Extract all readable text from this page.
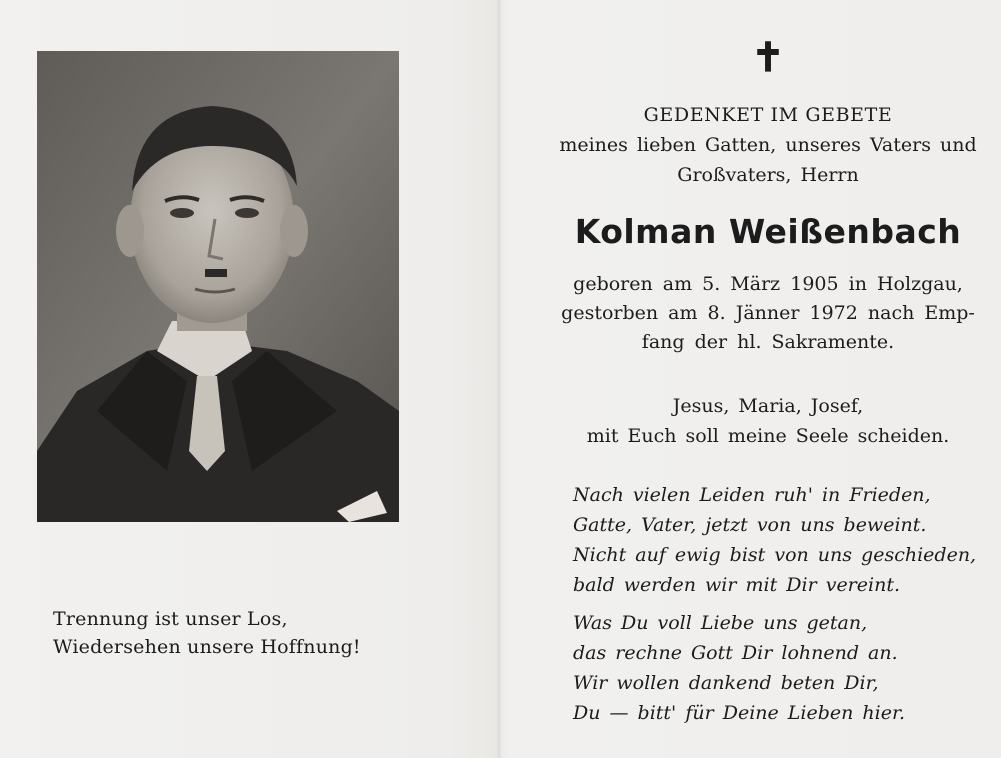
Trennung ist unser Los,
Wiedersehen unsere Hoffnung!
✝
GEDENKET IM GEBETE
meines lieben Gatten, unseres Vaters und
Großvaters, Herrn
Kolman Weißenbach
geboren am 5. März 1905 in Holzgau,
gestorben am 8. Jänner 1972 nach Emp-
fang der hl. Sakramente.
Jesus, Maria, Josef,
mit Euch soll meine Seele scheiden.
Nach vielen Leiden ruh' in Frieden,
Gatte, Vater, jetzt von uns beweint.
Nicht auf ewig bist von uns geschieden,
bald werden wir mit Dir vereint.
Was Du voll Liebe uns getan,
das rechne Gott Dir lohnend an.
Wir wollen dankend beten Dir,
Du — bitt' für Deine Lieben hier.
